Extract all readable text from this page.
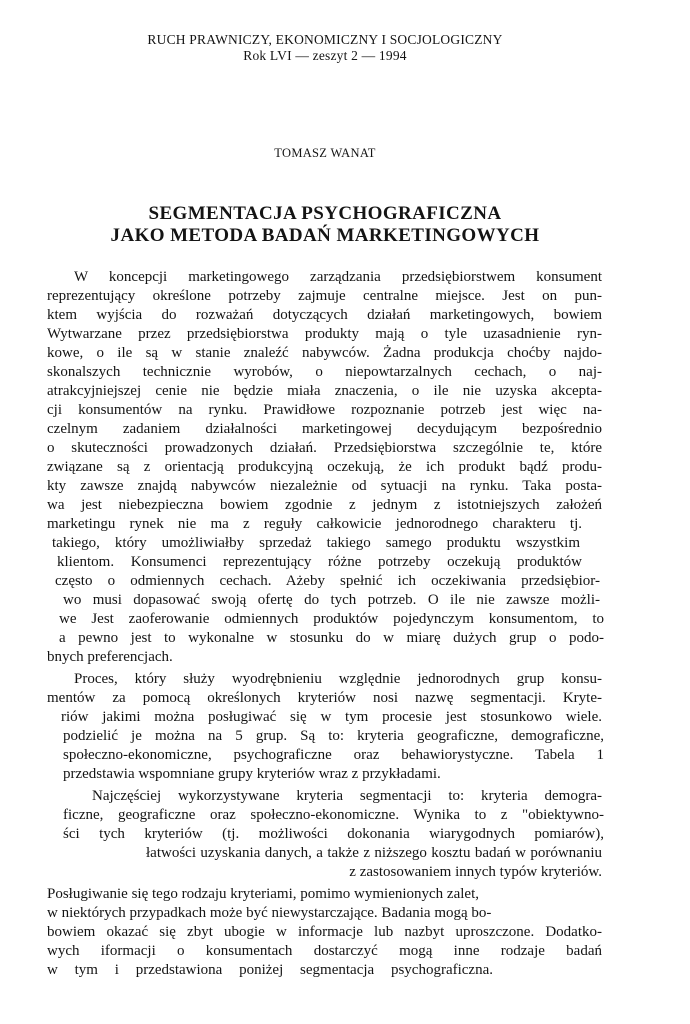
RUCH PRAWNICZY, EKONOMICZNY I SOCJOLOGICZNY
Rok LVI — zeszyt 2 — 1994
TOMASZ WANAT
SEGMENTACJA PSYCHOGRAFICZNA
JAKO METODA BADAŃ MARKETINGOWYCH
W koncepcji marketingowego zarządzania przedsiębiorstwem konsument
reprezentujący określone potrzeby zajmuje centralne miejsce. Jest on pun-
ktem wyjścia do rozważań dotyczących działań marketingowych, bowiem
Wytwarzane przez przedsiębiorstwa produkty mają o tyle uzasadnienie ryn-
kowe, o ile są w stanie znaleźć nabywców. Żadna produkcja choćby najdo-
skonalszych technicznie wyrobów, o niepowtarzalnych cechach, o naj-
atrakcyjniejszej cenie nie będzie miała znaczenia, o ile nie uzyska akcepta-
cji konsumentów na rynku. Prawidłowe rozpoznanie potrzeb jest więc na-
czelnym zadaniem działalności marketingowej decydującym bezpośrednio
o skuteczności prowadzonych działań. Przedsiębiorstwa szczególnie te, które
związane są z orientacją produkcyjną oczekują, że ich produkt bądź produ-
kty zawsze znajdą nabywców niezależnie od sytuacji na rynku. Taka posta-
wa jest niebezpieczna bowiem zgodnie z jednym z istotniejszych założeń
marketingu rynek nie ma z reguły całkowicie jednorodnego charakteru tj.
takiego, który umożliwiałby sprzedaż takiego samego produktu wszystkim
klientom. Konsumenci reprezentujący różne potrzeby oczekują produktów
często o odmiennych cechach. Ażeby spełnić ich oczekiwania przedsiębior-
wo musi dopasować swoją ofertę do tych potrzeb. O ile nie zawsze możli-
we Jest zaoferowanie odmiennych produktów pojedynczym konsumentom, to
a pewno jest to wykonalne w stosunku do w miarę dużych grup o podo-
bnych preferencjach.
Proces, który służy wyodrębnieniu względnie jednorodnych grup konsu-
mentów za pomocą określonych kryteriów nosi nazwę segmentacji. Kryte-
riów jakimi można posługiwać się w tym procesie jest stosunkowo wiele.
podzielić je można na 5 grup. Są to: kryteria geograficzne, demograficzne,
społeczno-ekonomiczne, psychograficzne oraz behawiorystyczne. Tabela 1
przedstawia wspomniane grupy kryteriów wraz z przykładami.
Najczęściej wykorzystywane kryteria segmentacji to: kryteria demogra-
ficzne, geograficzne oraz społeczno-ekonomiczne. Wynika to z "obiektywno-
ści tych kryteriów (tj. możliwości dokonania wiarygodnych pomiarów),
łatwości uzyskania danych, a także z niższego kosztu badań w porównaniu
z zastosowaniem innych typów kryteriów.
Posługiwanie się tego rodzaju kryteriami, pomimo wymienionych zalet,
w niektórych przypadkach może być niewystarczające. Badania mogą bo-
bowiem okazać się zbyt ubogie w informacje lub nazbyt uproszczone. Dodatko-
wych iformacji o konsumentach dostarczyć mogą inne rodzaje badań
w tym i przedstawiona poniżej segmentacja psychograficzna.
